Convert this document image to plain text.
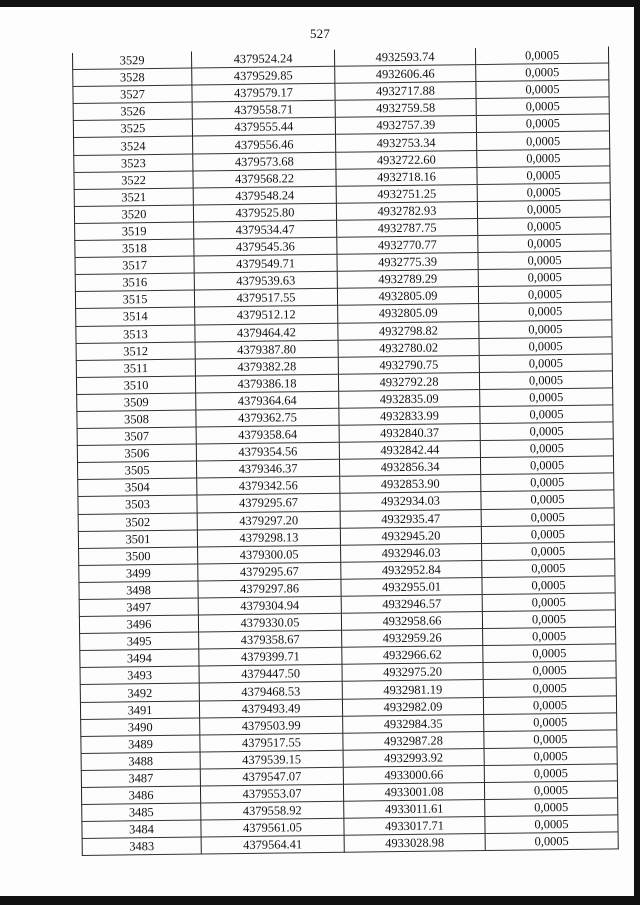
527
3529	4379524.24	4932593.74	0,0005
3528	4379529.85	4932606.46	0,0005
3527	4379579.17	4932717.88	0,0005
3526	4379558.71	4932759.58	0,0005
3525	4379555.44	4932757.39	0,0005
3524	4379556.46	4932753.34	0,0005
3523	4379573.68	4932722.60	0,0005
3522	4379568.22	4932718.16	0,0005
3521	4379548.24	4932751.25	0,0005
3520	4379525.80	4932782.93	0,0005
3519	4379534.47	4932787.75	0,0005
3518	4379545.36	4932770.77	0,0005
3517	4379549.71	4932775.39	0,0005
3516	4379539.63	4932789.29	0,0005
3515	4379517.55	4932805.09	0,0005
3514	4379512.12	4932805.09	0,0005
3513	4379464.42	4932798.82	0,0005
3512	4379387.80	4932780.02	0,0005
3511	4379382.28	4932790.75	0,0005
3510	4379386.18	4932792.28	0,0005
3509	4379364.64	4932835.09	0,0005
3508	4379362.75	4932833.99	0,0005
3507	4379358.64	4932840.37	0,0005
3506	4379354.56	4932842.44	0,0005
3505	4379346.37	4932856.34	0,0005
3504	4379342.56	4932853.90	0,0005
3503	4379295.67	4932934.03	0,0005
3502	4379297.20	4932935.47	0,0005
3501	4379298.13	4932945.20	0,0005
3500	4379300.05	4932946.03	0,0005
3499	4379295.67	4932952.84	0,0005
3498	4379297.86	4932955.01	0,0005
3497	4379304.94	4932946.57	0,0005
3496	4379330.05	4932958.66	0,0005
3495	4379358.67	4932959.26	0,0005
3494	4379399.71	4932966.62	0,0005
3493	4379447.50	4932975.20	0,0005
3492	4379468.53	4932981.19	0,0005
3491	4379493.49	4932982.09	0,0005
3490	4379503.99	4932984.35	0,0005
3489	4379517.55	4932987.28	0,0005
3488	4379539.15	4932993.92	0,0005
3487	4379547.07	4933000.66	0,0005
3486	4379553.07	4933001.08	0,0005
3485	4379558.92	4933011.61	0,0005
3484	4379561.05	4933017.71	0,0005
3483	4379564.41	4933028.98	0,0005
